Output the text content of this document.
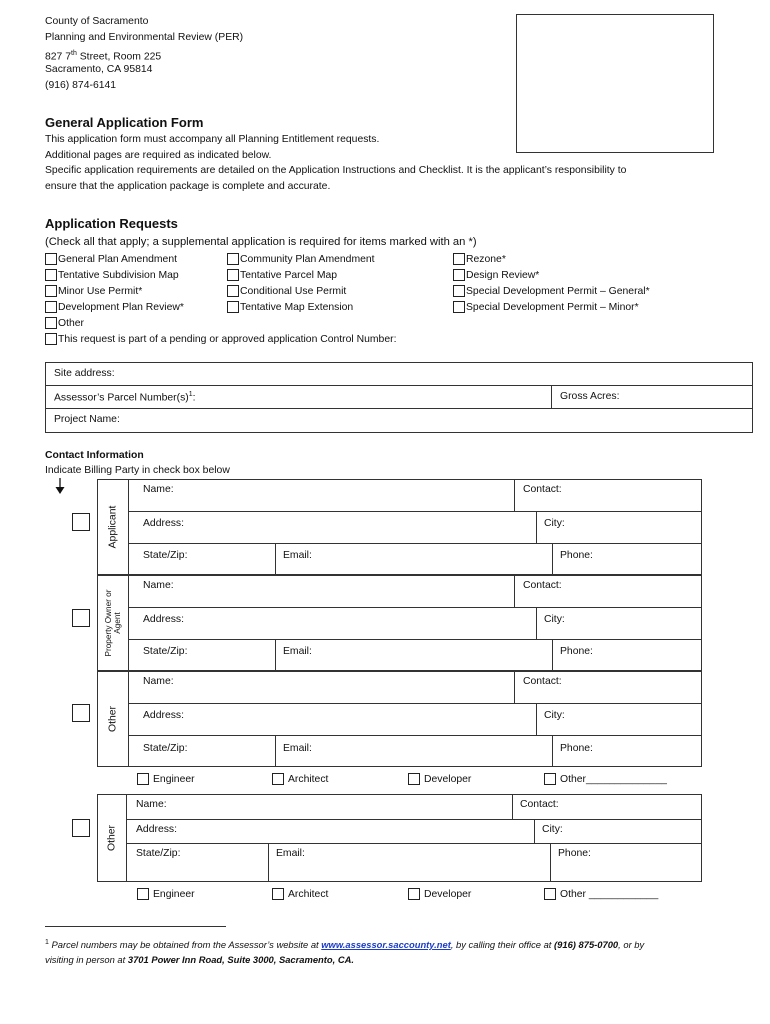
County of Sacramento
Planning and Environmental Review (PER)
827 7th Street, Room 225
Sacramento, CA 95814
(916) 874-6141
General Application Form
This application form must accompany all Planning Entitlement requests.
Additional pages are required as indicated below.
Specific application requirements are detailed on the Application Instructions and Checklist. It is the applicant’s responsibility to
ensure that the application package is complete and accurate.
Application Requests
(Check all that apply; a supplemental application is required for items marked with an *)
General Plan Amendment
Tentative Subdivision Map
Minor Use Permit*
Development Plan Review*
Other
Community Plan Amendment
Tentative Parcel Map
Conditional Use Permit
Tentative Map Extension
Rezone*
Design Review*
Special Development Permit – General*
Special Development Permit – Minor*
This request is part of a pending or approved application Control Number:
Site address:
Assessor’s Parcel $Number(s)^1$:	Gross Acres:
Project Name:
Contact Information
Indicate Billing Party in check box below
Applicant
Name:	Contact:
Address:	City:
State/Zip:	Email:	Phone:
Property Owner or
Agent
Name:	Contact:
Address:	City:
State/Zip:	Email:	Phone:
Other
Name:	Contact:
Address:	City:
State/Zip:	Email:	Phone:
Engineer	Architect	Developer	Other______________
Other
Name:	Contact:
Address:	City:
State/Zip:	Email:	Phone:
Engineer	Architect	Developer	Other ____________
$^1$ Parcel numbers may be obtained from the Assessor’s website at www.assessor.saccounty.net, by calling their office at (916) 875-0700, or by
visiting in person at 3701 Power Inn Road, Suite 3000, Sacramento, CA.
